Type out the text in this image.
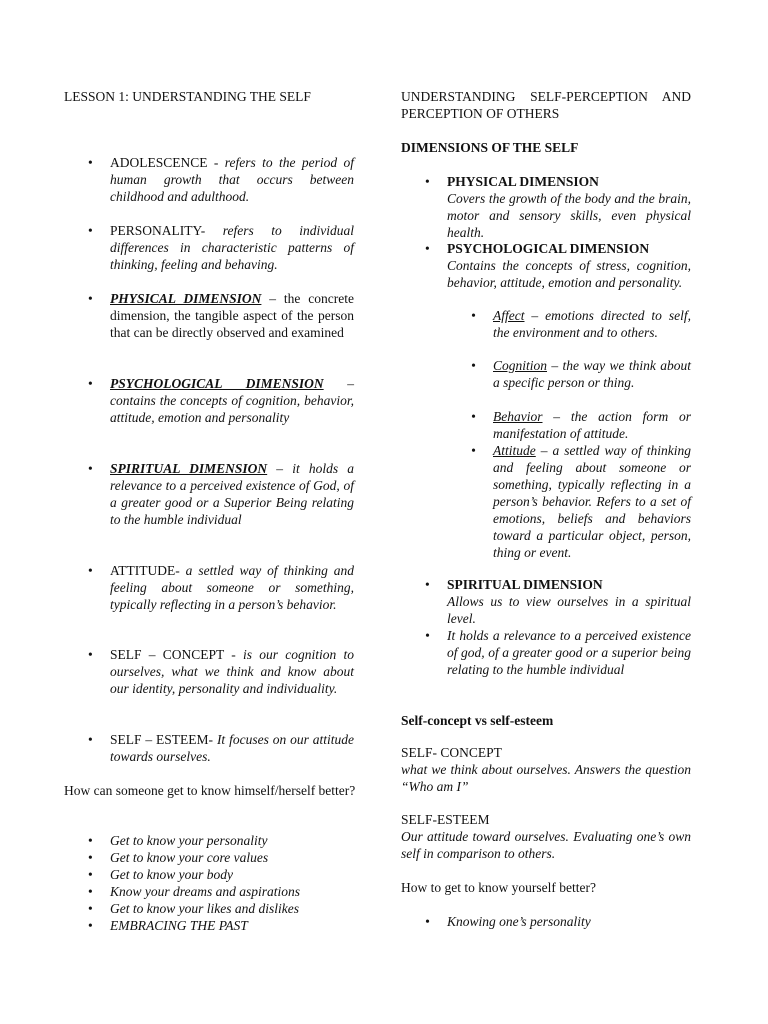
LESSON 1: UNDERSTANDING THE SELF
• ADOLESCENCE - refers to the period of human growth that occurs between childhood and adulthood.
• PERSONALITY- refers to individual differences in characteristic patterns of thinking, feeling and behaving.
• PHYSICAL DIMENSION – the concrete dimension, the tangible aspect of the person that can be directly observed and examined
• PSYCHOLOGICAL DIMENSION – contains the concepts of cognition, behavior, attitude, emotion and personality
• SPIRITUAL DIMENSION – it holds a relevance to a perceived existence of God, of a greater good or a Superior Being relating to the humble individual
• ATTITUDE- a settled way of thinking and feeling about someone or something, typically reflecting in a person’s behavior.
• SELF – CONCEPT - is our cognition to ourselves, what we think and know about our identity, personality and individuality.
• SELF – ESTEEM- It focuses on our attitude towards ourselves.
How can someone get to know himself/herself better?
• Get to know your personality
• Get to know your core values
• Get to know your body
• Know your dreams and aspirations
• Get to know your likes and dislikes
• EMBRACING THE PAST
UNDERSTANDING SELF-PERCEPTION AND PERCEPTION OF OTHERS
DIMENSIONS OF THE SELF
• PHYSICAL DIMENSION
Covers the growth of the body and the brain, motor and sensory skills, even physical health.
• PSYCHOLOGICAL DIMENSION
Contains the concepts of stress, cognition, behavior, attitude, emotion and personality.
• Affect – emotions directed to self, the environment and to others.
• Cognition – the way we think about a specific person or thing.
• Behavior – the action form or manifestation of attitude.
• Attitude – a settled way of thinking and feeling about someone or something, typically reflecting in a person’s behavior. Refers to a set of emotions, beliefs and behaviors toward a particular object, person, thing or event.
• SPIRITUAL DIMENSION
Allows us to view ourselves in a spiritual level.
• It holds a relevance to a perceived existence of god, of a greater good or a superior being relating to the humble individual
Self-concept vs self-esteem
SELF- CONCEPT
what we think about ourselves. Answers the question “Who am I”
SELF-ESTEEM
Our attitude toward ourselves. Evaluating one’s own self in comparison to others.
How to get to know yourself better?
• Knowing one’s personality
